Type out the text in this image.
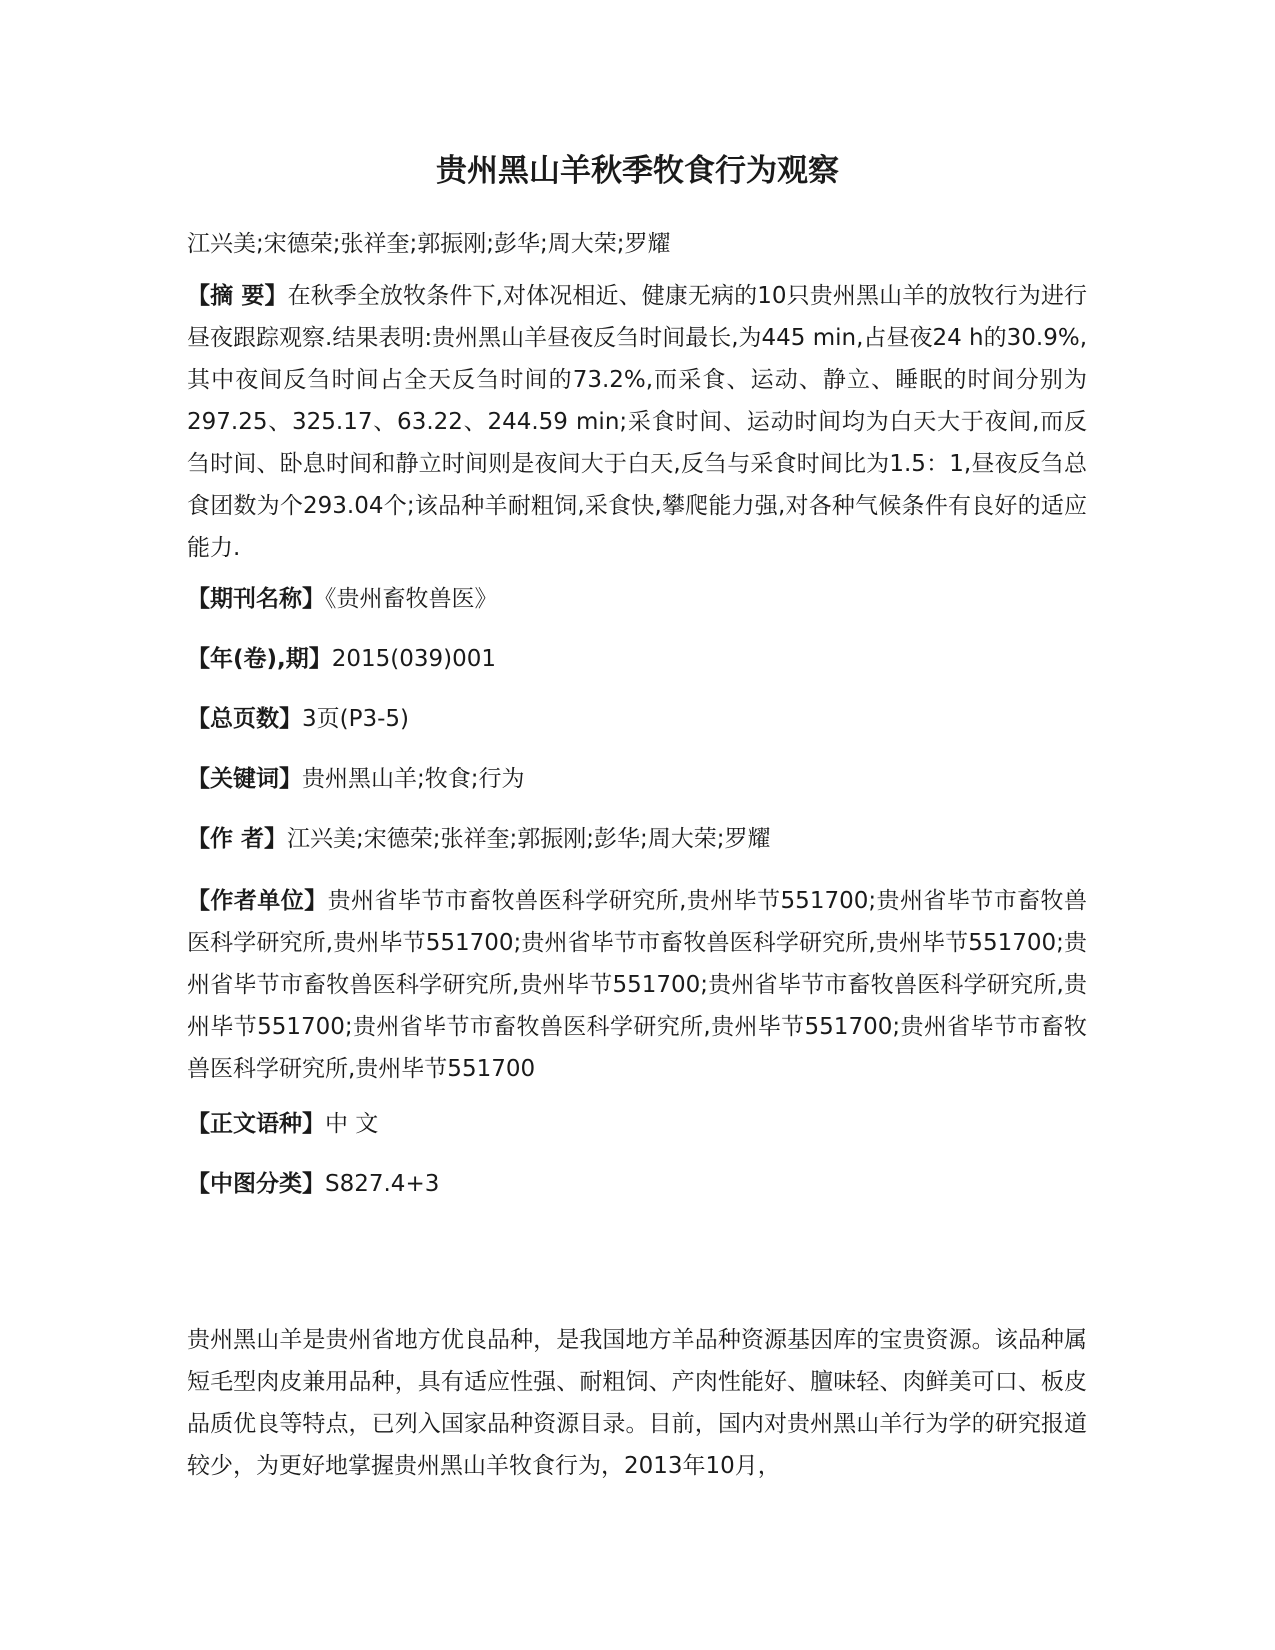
贵州黑山羊秋季牧食行为观察

江兴美;宋德荣;张祥奎;郭振刚;彭华;周大荣;罗耀

【摘 要】在秋季全放牧条件下,对体况相近、健康无病的10只贵州黑山羊的放牧行为进行昼夜跟踪观察.结果表明:贵州黑山羊昼夜反刍时间最长,为445 min,占昼夜24 h的30.9%,其中夜间反刍时间占全天反刍时间的73.2%,而采食、运动、静立、睡眠的时间分别为297.25、325.17、63.22、244.59 min;采食时间、运动时间均为白天大于夜间,而反刍时间、卧息时间和静立时间则是夜间大于白天,反刍与采食时间比为1.5：1,昼夜反刍总食团数为个293.04个;该品种羊耐粗饲,采食快,攀爬能力强,对各种气候条件有良好的适应能力.

【期刊名称】《贵州畜牧兽医》

【年(卷),期】2015(039)001

【总页数】3页(P3-5)

【关键词】贵州黑山羊;牧食;行为

【作 者】江兴美;宋德荣;张祥奎;郭振刚;彭华;周大荣;罗耀

【作者单位】贵州省毕节市畜牧兽医科学研究所,贵州毕节551700;贵州省毕节市畜牧兽医科学研究所,贵州毕节551700;贵州省毕节市畜牧兽医科学研究所,贵州毕节551700;贵州省毕节市畜牧兽医科学研究所,贵州毕节551700;贵州省毕节市畜牧兽医科学研究所,贵州毕节551700;贵州省毕节市畜牧兽医科学研究所,贵州毕节551700;贵州省毕节市畜牧兽医科学研究所,贵州毕节551700

【正文语种】中 文

【中图分类】S827.4+3

贵州黑山羊是贵州省地方优良品种，是我国地方羊品种资源基因库的宝贵资源。该品种属短毛型肉皮兼用品种，具有适应性强、耐粗饲、产肉性能好、膻味轻、肉鲜美可口、板皮品质优良等特点，已列入国家品种资源目录。目前，国内对贵州黑山羊行为学的研究报道较少，为更好地掌握贵州黑山羊牧食行为，2013年10月，
